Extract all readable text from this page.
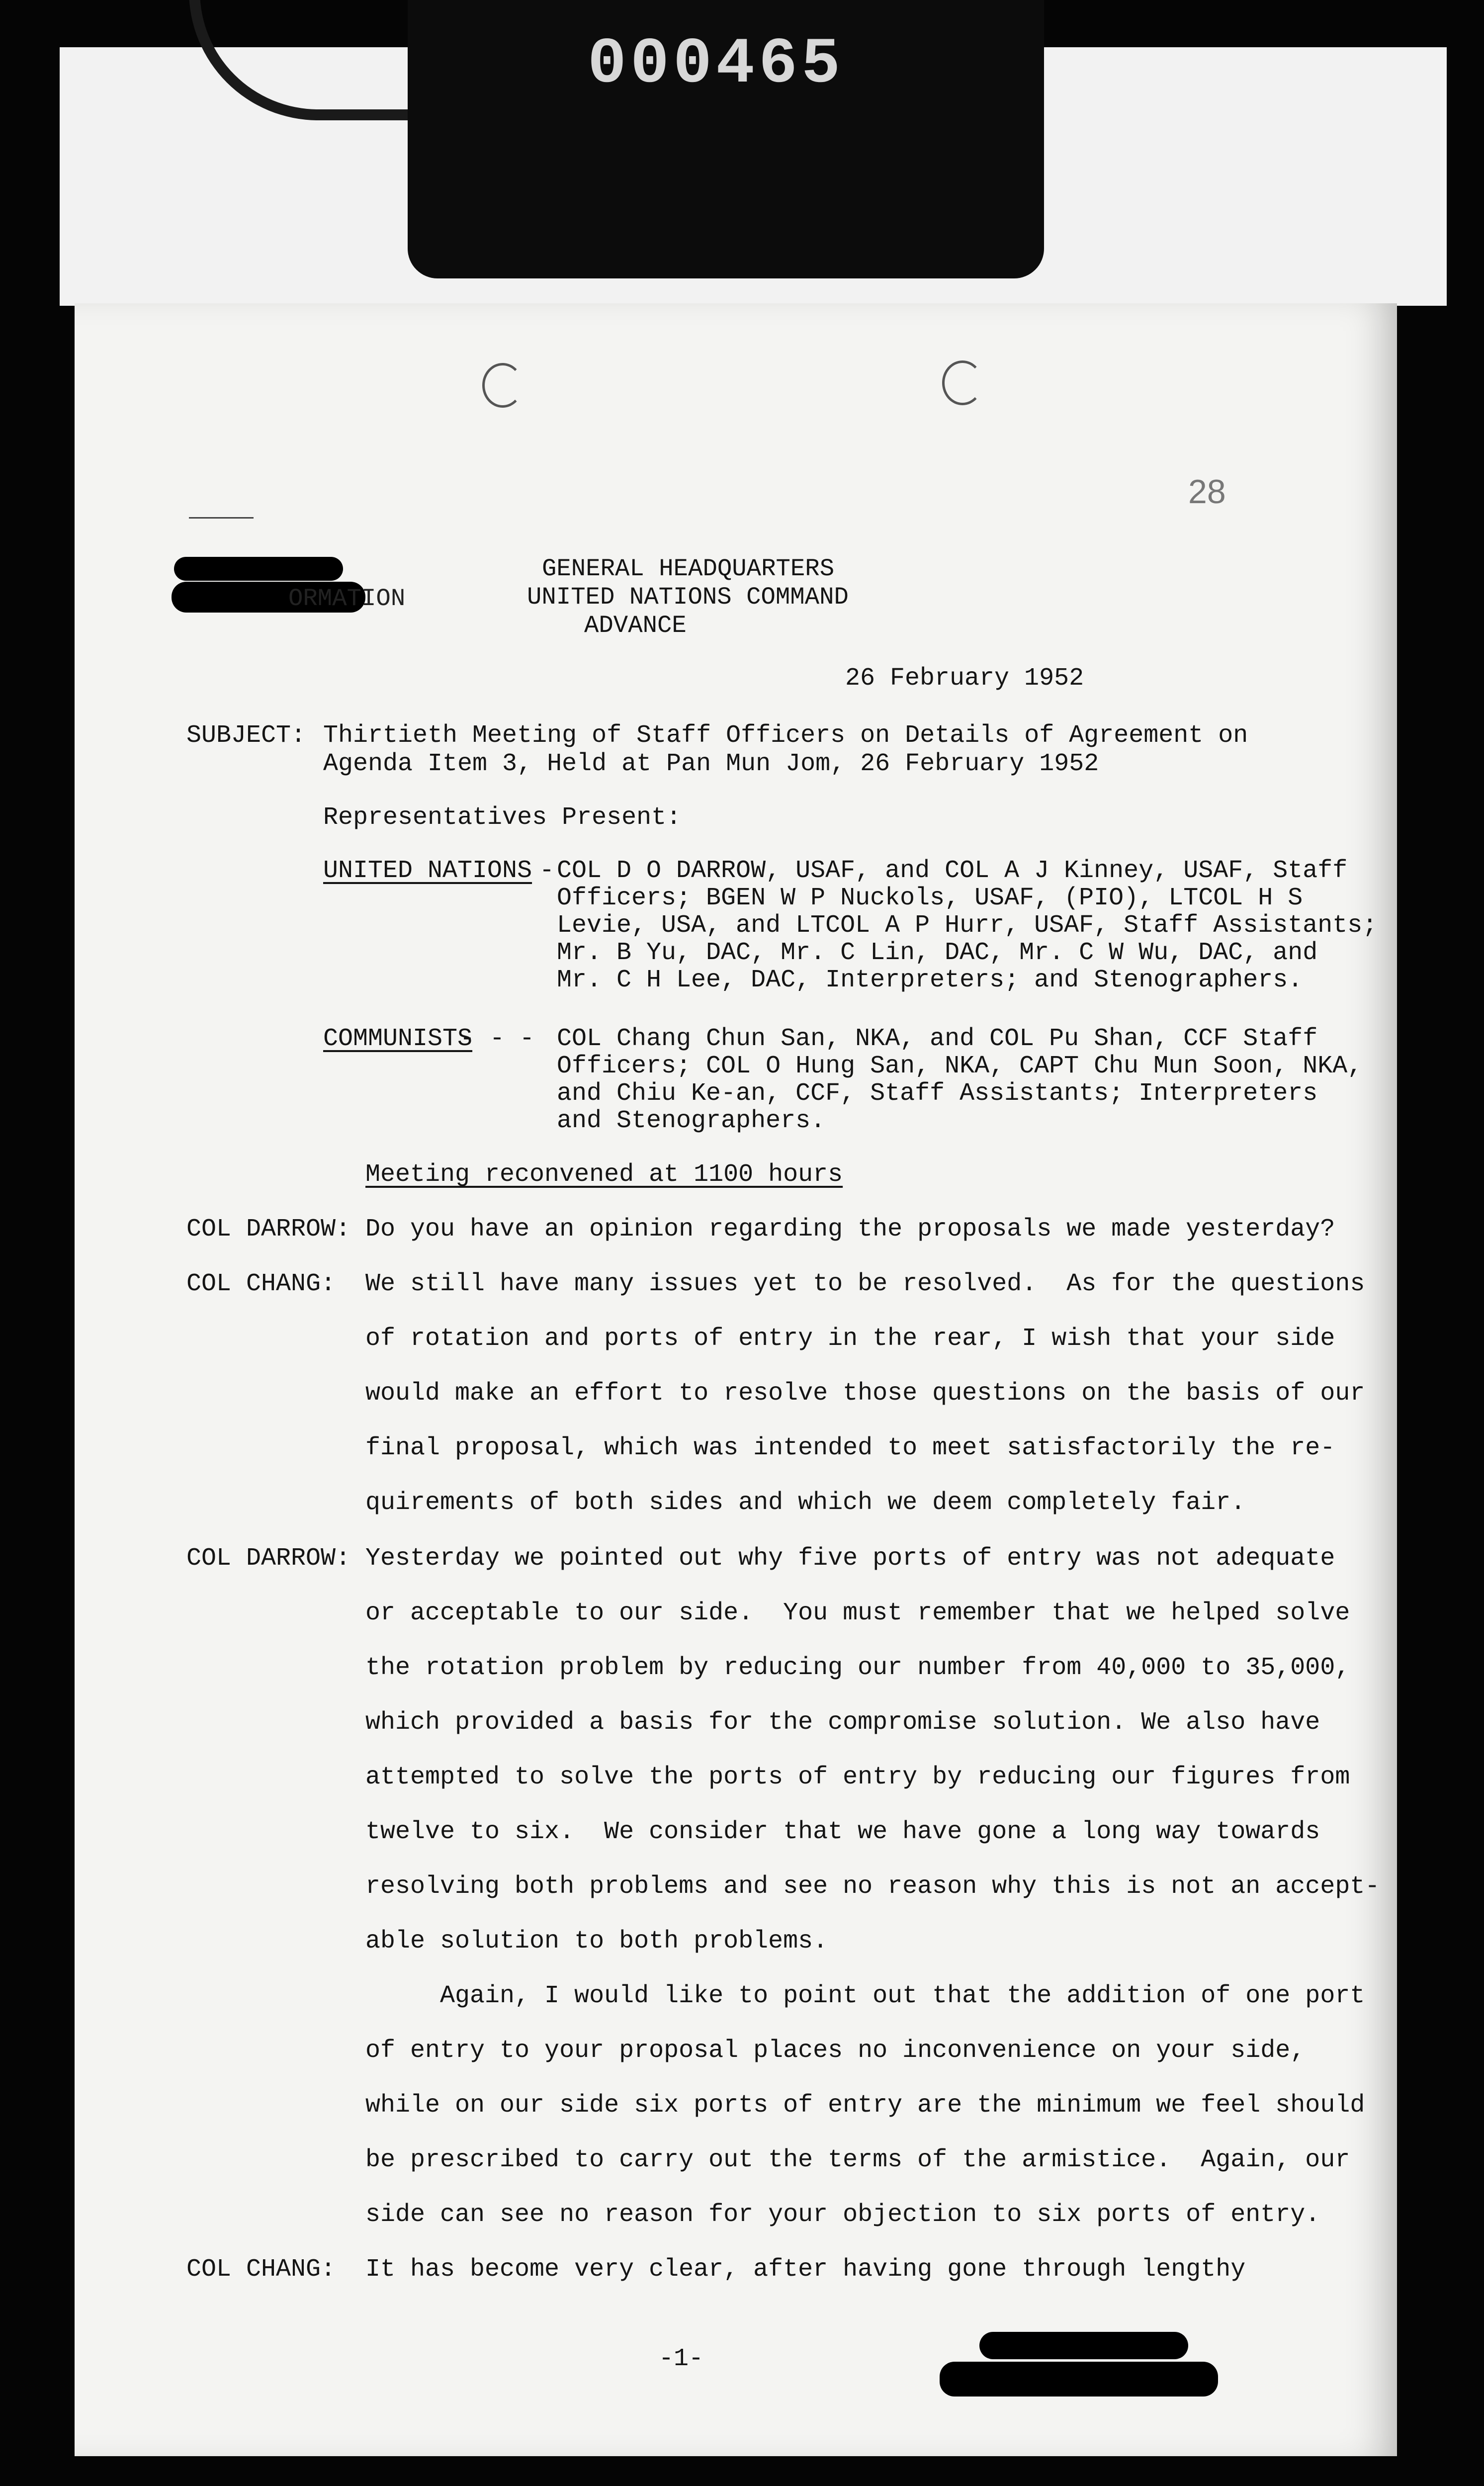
000465
28
ORMATION
GENERAL HEADQUARTERS
UNITED NATIONS COMMAND
ADVANCE
26 February 1952
SUBJECT: Thirtieth Meeting of Staff Officers on Details of Agreement on
Agenda Item 3, Held at Pan Mun Jom, 26 February 1952
Representatives Present:
UNITED NATIONS - COL D O DARROW, USAF, and COL A J Kinney, USAF, Staff
Officers; BGEN W P Nuckols, USAF, (PIO), LTCOL H S
Levie, USA, and LTCOL A P Hurr, USAF, Staff Assistants;
Mr. B Yu, DAC, Mr. C Lin, DAC, Mr. C W Wu, DAC, and
Mr. C H Lee, DAC, Interpreters; and Stenographers.
COMMUNISTS
- - - COL Chang Chun San, NKA, and COL Pu Shan, CCF Staff
Officers; COL O Hung San, NKA, CAPT Chu Mun Soon, NKA,
and Chiu Ke-an, CCF, Staff Assistants; Interpreters
and Stenographers.
Meeting reconvened at 1100 hours
COL DARROW: Do you have an opinion regarding the proposals we made yesterday?
COL CHANG: We still have many issues yet to be resolved.  As for the questions
of rotation and ports of entry in the rear, I wish that your side
would make an effort to resolve those questions on the basis of our
final proposal, which was intended to meet satisfactorily the re-
quirements of both sides and which we deem completely fair.
COL DARROW: Yesterday we pointed out why five ports of entry was not adequate
or acceptable to our side.  You must remember that we helped solve
the rotation problem by reducing our number from 40,000 to 35,000,
which provided a basis for the compromise solution. We also have
attempted to solve the ports of entry by reducing our figures from
twelve to six.  We consider that we have gone a long way towards
resolving both problems and see no reason why this is not an accept-
able solution to both problems.
Again, I would like to point out that the addition of one port
of entry to your proposal places no inconvenience on your side,
while on our side six ports of entry are the minimum we feel should
be prescribed to carry out the terms of the armistice.  Again, our
side can see no reason for your objection to six ports of entry.
COL CHANG: It has become very clear, after having gone through lengthy
-1-
